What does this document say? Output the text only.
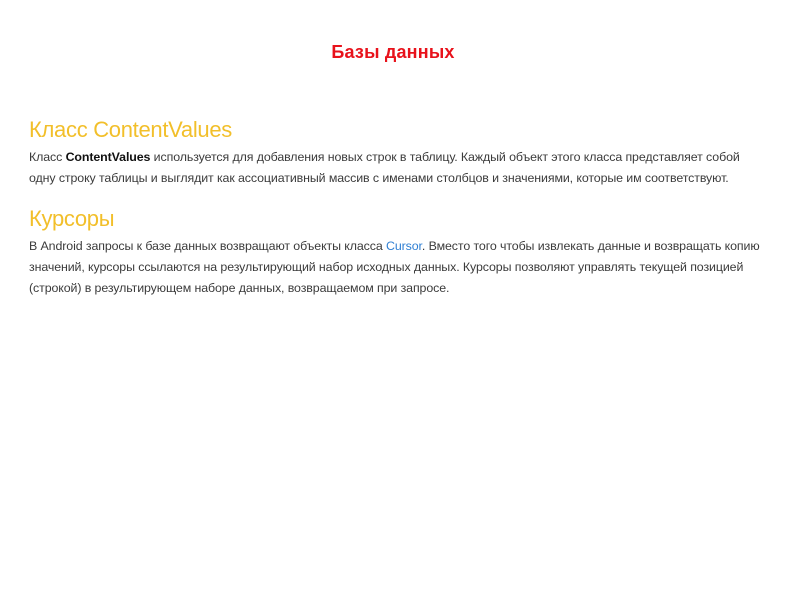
Базы данных
Класс ContentValues

Класс ContentValues используется для добавления новых строк в таблицу. Каждый объект этого класса представляет собой одну строку таблицы и выглядит как ассоциативный массив с именами столбцов и значениями, которые им соответствуют.

Курсоры

В Android запросы к базе данных возвращают объекты класса Cursor. Вместо того чтобы извлекать данные и возвращать копию значений, курсоры ссылаются на результирующий набор исходных данных. Курсоры позволяют управлять текущей позицией (строкой) в результирующем наборе данных, возвращаемом при запросе.
